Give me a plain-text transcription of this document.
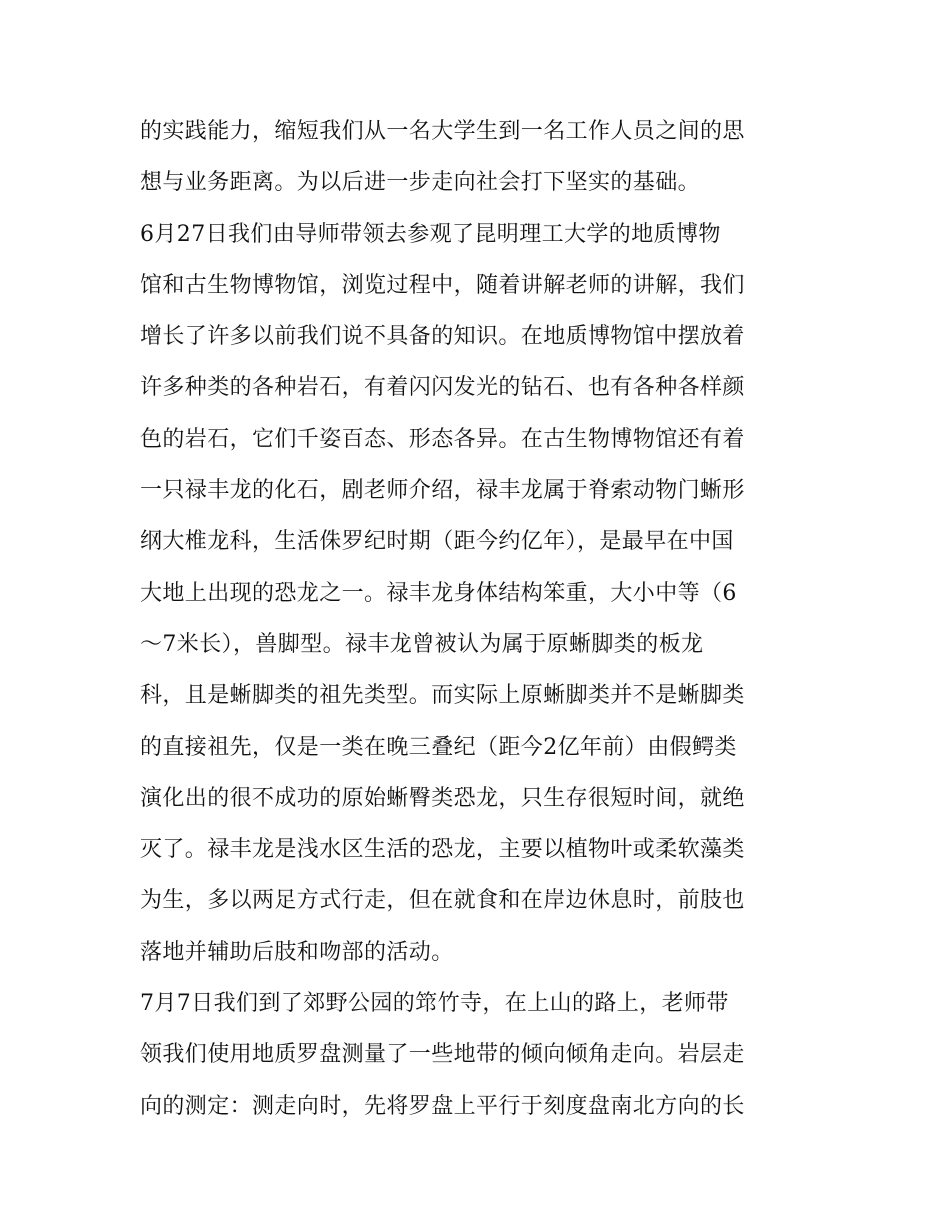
的实践能力，缩短我们从一名大学生到一名工作人员之间的思
想与业务距离。为以后进一步走向社会打下坚实的基础。
6月27日我们由导师带领去参观了昆明理工大学的地质博物
馆和古生物博物馆，浏览过程中，随着讲解老师的讲解，我们
增长了许多以前我们说不具备的知识。在地质博物馆中摆放着
许多种类的各种岩石，有着闪闪发光的钻石、也有各种各样颜
色的岩石，它们千姿百态、形态各异。在古生物博物馆还有着
一只禄丰龙的化石，剧老师介绍，禄丰龙属于脊索动物门蜥形
纲大椎龙科，生活侏罗纪时期（距今约亿年），是最早在中国
大地上出现的恐龙之一。禄丰龙身体结构笨重，大小中等（6
～7米长），兽脚型。禄丰龙曾被认为属于原蜥脚类的板龙
科，且是蜥脚类的祖先类型。而实际上原蜥脚类并不是蜥脚类
的直接祖先，仅是一类在晚三叠纪（距今2亿年前）由假鳄类
演化出的很不成功的原始蜥臀类恐龙，只生存很短时间，就绝
灭了。禄丰龙是浅水区生活的恐龙，主要以植物叶或柔软藻类
为生，多以两足方式行走，但在就食和在岸边休息时，前肢也
落地并辅助后肢和吻部的活动。
7月7日我们到了郊野公园的筇竹寺，在上山的路上，老师带
领我们使用地质罗盘测量了一些地带的倾向倾角走向。岩层走
向的测定：测走向时，先将罗盘上平行于刻度盘南北方向的长
